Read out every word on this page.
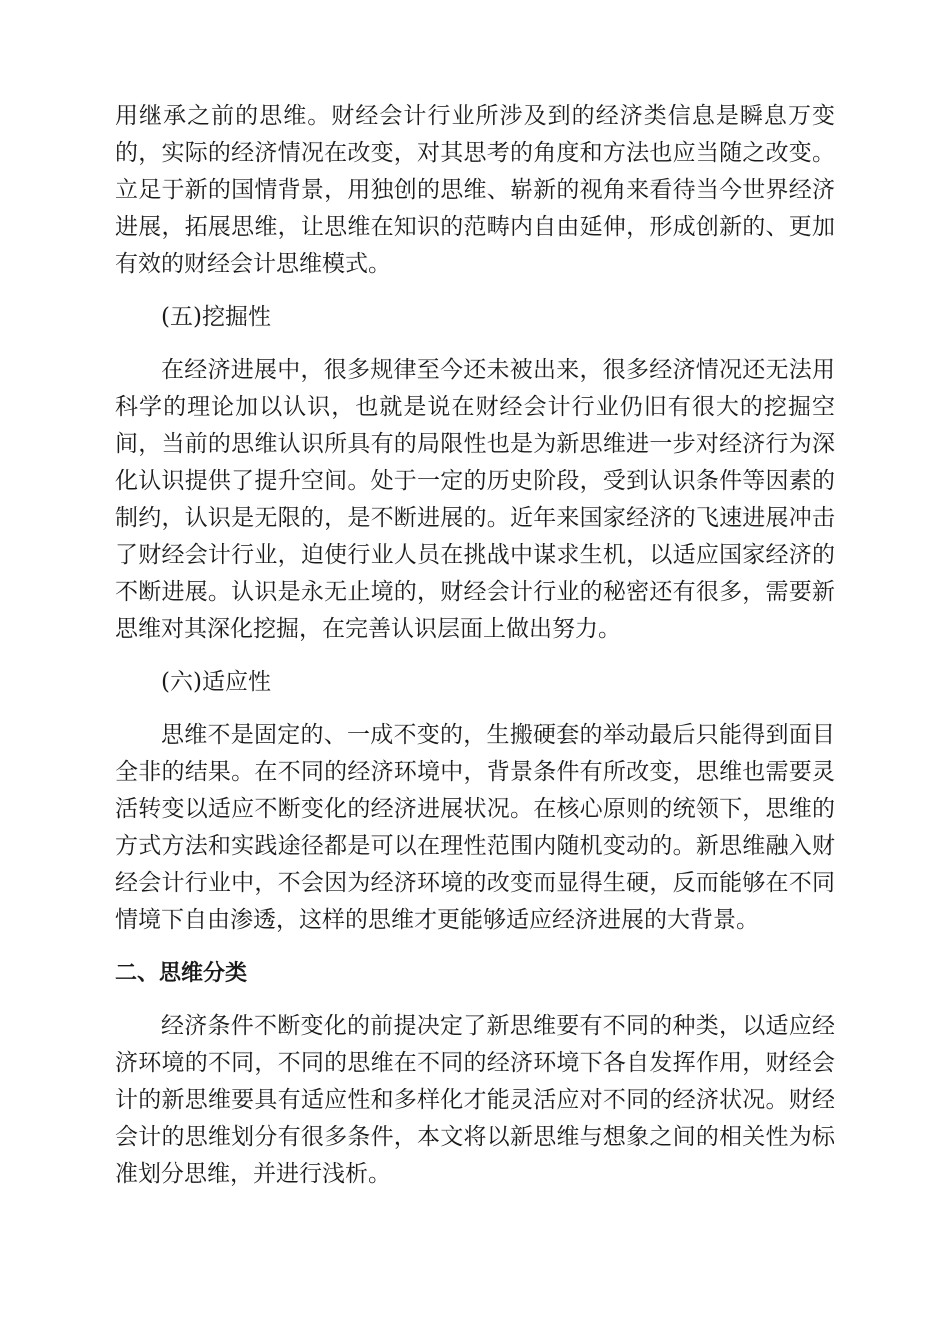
用继承之前的思维。财经会计行业所涉及到的经济类信息是瞬息万变的，实际的经济情况在改变，对其思考的角度和方法也应当随之改变。立足于新的国情背景，用独创的思维、崭新的视角来看待当今世界经济进展，拓展思维，让思维在知识的范畴内自由延伸，形成创新的、更加有效的财经会计思维模式。

(五)挖掘性

在经济进展中，很多规律至今还未被出来，很多经济情况还无法用科学的理论加以认识，也就是说在财经会计行业仍旧有很大的挖掘空间，当前的思维认识所具有的局限性也是为新思维进一步对经济行为深化认识提供了提升空间。处于一定的历史阶段，受到认识条件等因素的制约，认识是无限的，是不断进展的。近年来国家经济的飞速进展冲击了财经会计行业，迫使行业人员在挑战中谋求生机，以适应国家经济的不断进展。认识是永无止境的，财经会计行业的秘密还有很多，需要新思维对其深化挖掘，在完善认识层面上做出努力。

(六)适应性

思维不是固定的、一成不变的，生搬硬套的举动最后只能得到面目全非的结果。在不同的经济环境中，背景条件有所改变，思维也需要灵活转变以适应不断变化的经济进展状况。在核心原则的统领下，思维的方式方法和实践途径都是可以在理性范围内随机变动的。新思维融入财经会计行业中，不会因为经济环境的改变而显得生硬，反而能够在不同情境下自由渗透，这样的思维才更能够适应经济进展的大背景。

二、思维分类

经济条件不断变化的前提决定了新思维要有不同的种类，以适应经济环境的不同，不同的思维在不同的经济环境下各自发挥作用，财经会计的新思维要具有适应性和多样化才能灵活应对不同的经济状况。财经会计的思维划分有很多条件，本文将以新思维与想象之间的相关性为标准划分思维，并进行浅析。
